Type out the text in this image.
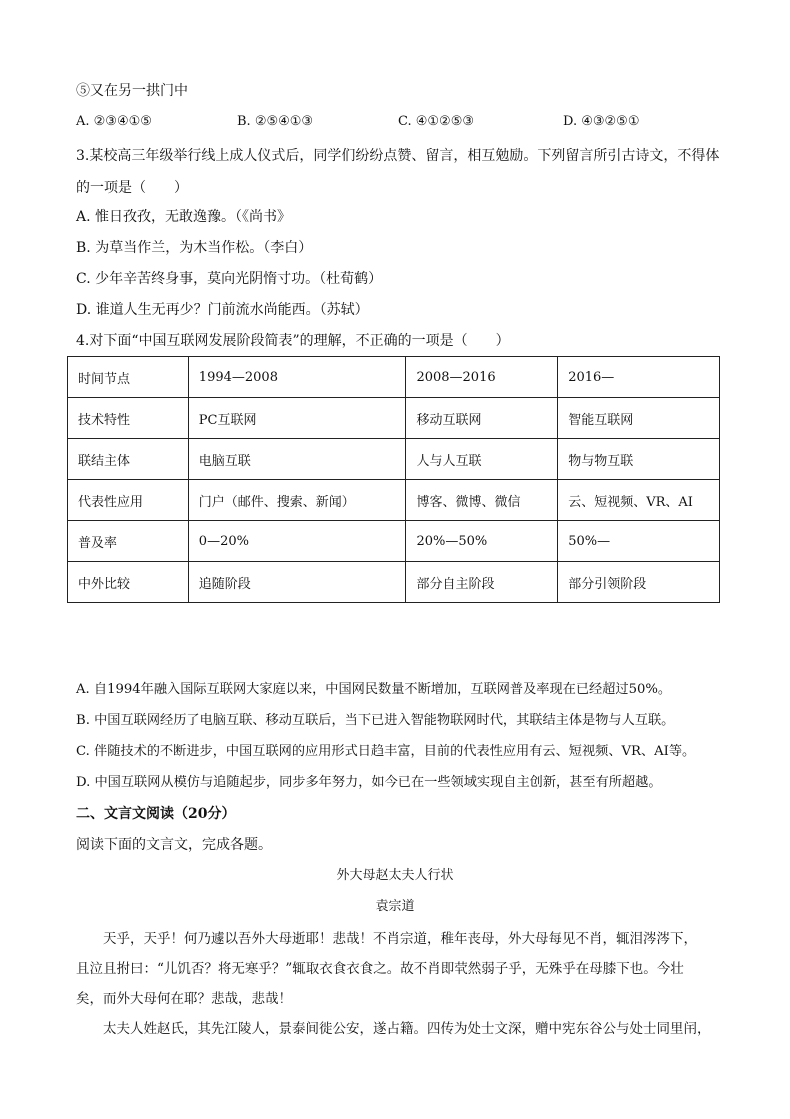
⑤又在另一拱门中
A. ②③④①⑤	B. ②⑤④①③	C. ④①②⑤③	D. ④③②⑤①
3.某校高三年级举行线上成人仪式后，同学们纷纷点赞、留言，相互勉励。下列留言所引古诗文，不得体
的一项是（　　）
A. 惟日孜孜，无敢逸豫。（《尚书》
B. 为草当作兰，为木当作松。（李白）
C. 少年辛苦终身事，莫向光阴惰寸功。（杜荀鹤）
D. 谁道人生无再少？门前流水尚能西。（苏轼）
4.对下面“中国互联网发展阶段简表”的理解，不正确的一项是（　　）
时间节点	1994—2008	2008—2016	2016—
技术特性	PC互联网	移动互联网	智能互联网
联结主体	电脑互联	人与人互联	物与物互联
代表性应用	门户（邮件、搜索、新闻）	博客、微博、微信	云、短视频、VR、AI
普及率	0—20%	20%—50%	50%—
中外比较	追随阶段	部分自主阶段	部分引领阶段
A. 自1994年融入国际互联网大家庭以来，中国网民数量不断增加，互联网普及率现在已经超过50%。
B. 中国互联网经历了电脑互联、移动互联后，当下已进入智能物联网时代，其联结主体是物与人互联。
C. 伴随技术的不断进步，中国互联网的应用形式日趋丰富，目前的代表性应用有云、短视频、VR、AI等。
D. 中国互联网从模仿与追随起步，同步多年努力，如今已在一些领域实现自主创新，甚至有所超越。
二、文言文阅读（20分）
阅读下面的文言文，完成各题。
外大母赵太夫人行状
袁宗道

天乎，天乎！何乃遽以吾外大母逝耶！悲哉！不肖宗道，稚年丧母，外大母每见不肖，辄泪涔涔下，

且泣且拊曰：“儿饥否？将无寒乎？”辄取衣食衣食之。故不肖即茕然弱子乎，无殊乎在母膝下也。今壮

矣，而外大母何在耶？悲哉，悲哉！

太夫人姓赵氏，其先江陵人，景泰间徙公安，遂占籍。四传为处士文深，赠中宪东谷公与处士同里闬，
